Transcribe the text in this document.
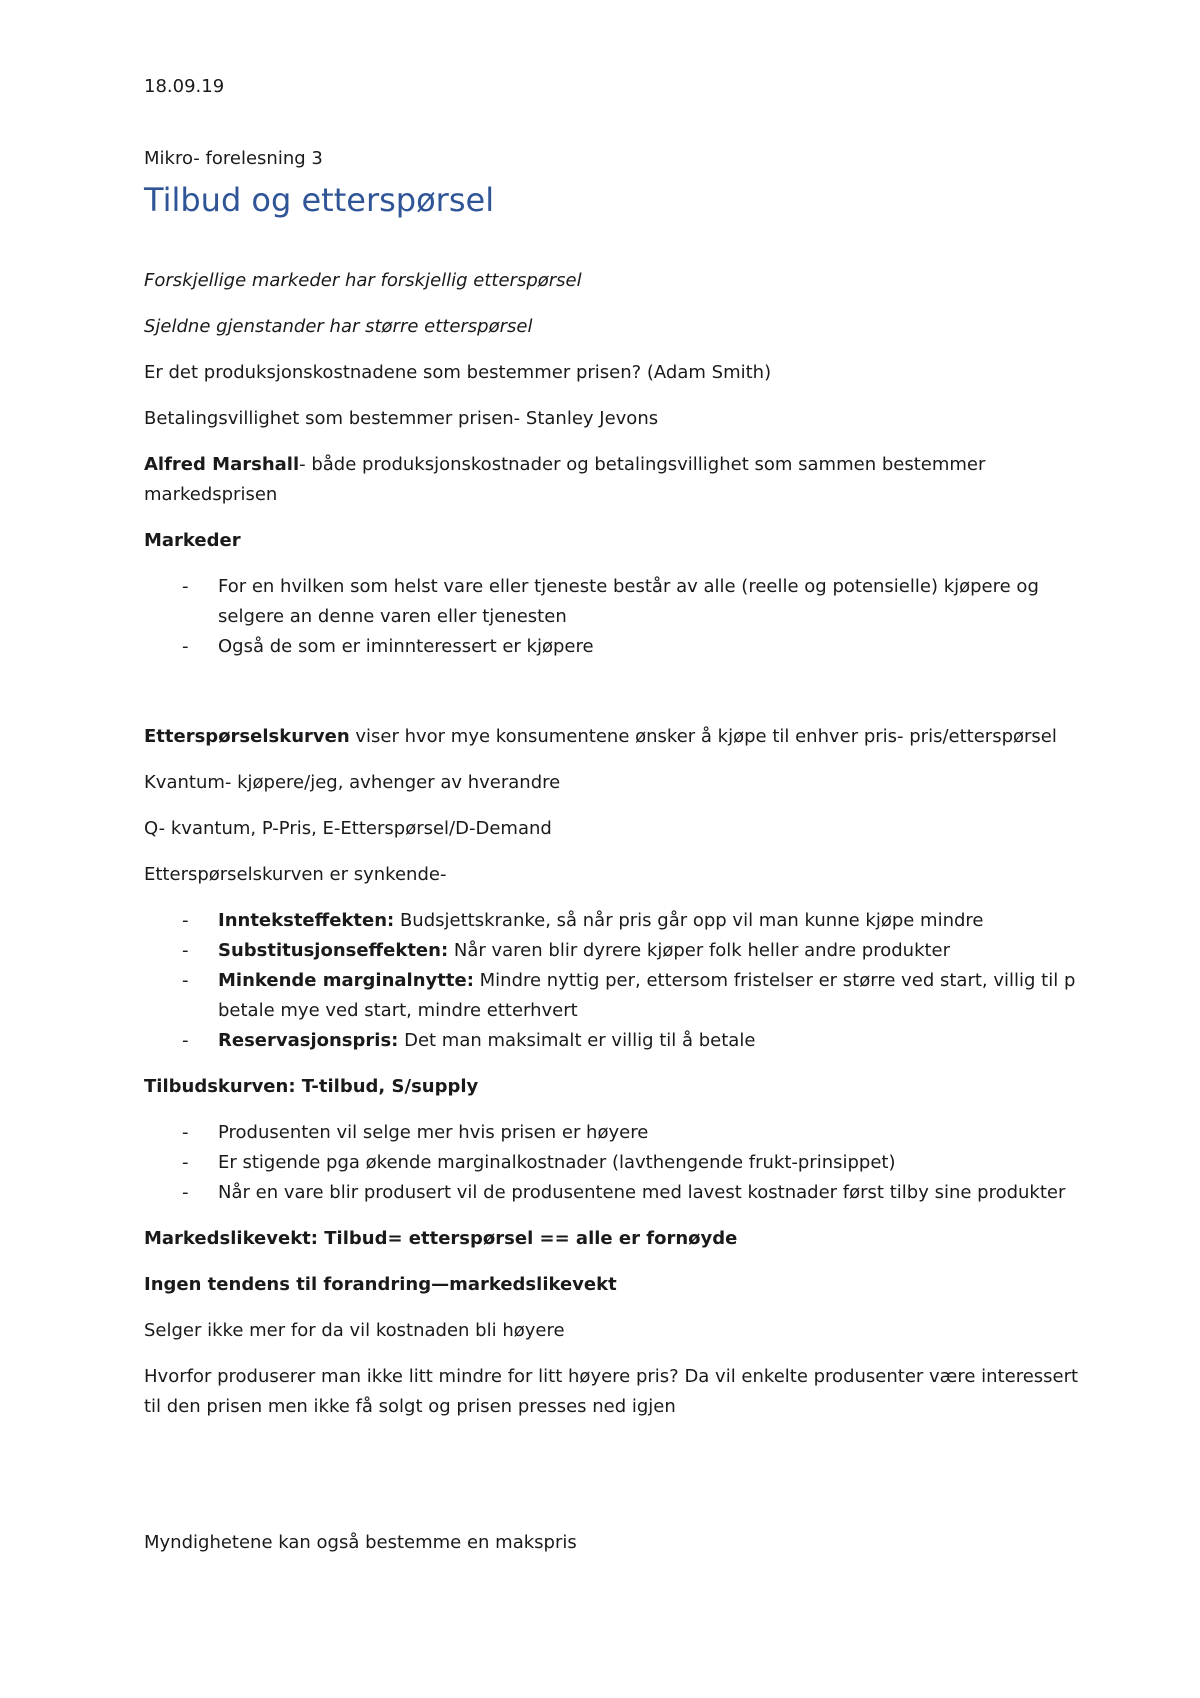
18.09.19

Mikro- forelesning 3

Tilbud og etterspørsel

Forskjellige markeder har forskjellig etterspørsel

Sjeldne gjenstander har større etterspørsel

Er det produksjonskostnadene som bestemmer prisen? (Adam Smith)

Betalingsvillighet som bestemmer prisen- Stanley Jevons

Alfred Marshall- både produksjonskostnader og betalingsvillighet som sammen bestemmer markedsprisen

Markeder

- For en hvilken som helst vare eller tjeneste består av alle (reelle og potensielle) kjøpere og selgere an denne varen eller tjenesten
- Også de som er iminnteressert er kjøpere

Etterspørselskurven viser hvor mye konsumentene ønsker å kjøpe til enhver pris- pris/etterspørsel

Kvantum- kjøpere/jeg, avhenger av hverandre

Q- kvantum, P-Pris, E-Etterspørsel/D-Demand

Etterspørselskurven er synkende-

- Innteksteffekten: Budsjettskranke, så når pris går opp vil man kunne kjøpe mindre
- Substitusjonseffekten: Når varen blir dyrere kjøper folk heller andre produkter
- Minkende marginalnytte: Mindre nyttig per, ettersom fristelser er større ved start, villig til p betale mye ved start, mindre etterhvert
- Reservasjonspris: Det man maksimalt er villig til å betale

Tilbudskurven: T-tilbud, S/supply

- Produsenten vil selge mer hvis prisen er høyere
- Er stigende pga økende marginalkostnader (lavthengende frukt-prinsippet)
- Når en vare blir produsert vil de produsentene med lavest kostnader først tilby sine produkter

Markedslikevekt: Tilbud= etterspørsel == alle er fornøyde

Ingen tendens til forandring—markedslikevekt

Selger ikke mer for da vil kostnaden bli høyere

Hvorfor produserer man ikke litt mindre for litt høyere pris? Da vil enkelte produsenter være interessert til den prisen men ikke få solgt og prisen presses ned igjen

Myndighetene kan også bestemme en makspris
